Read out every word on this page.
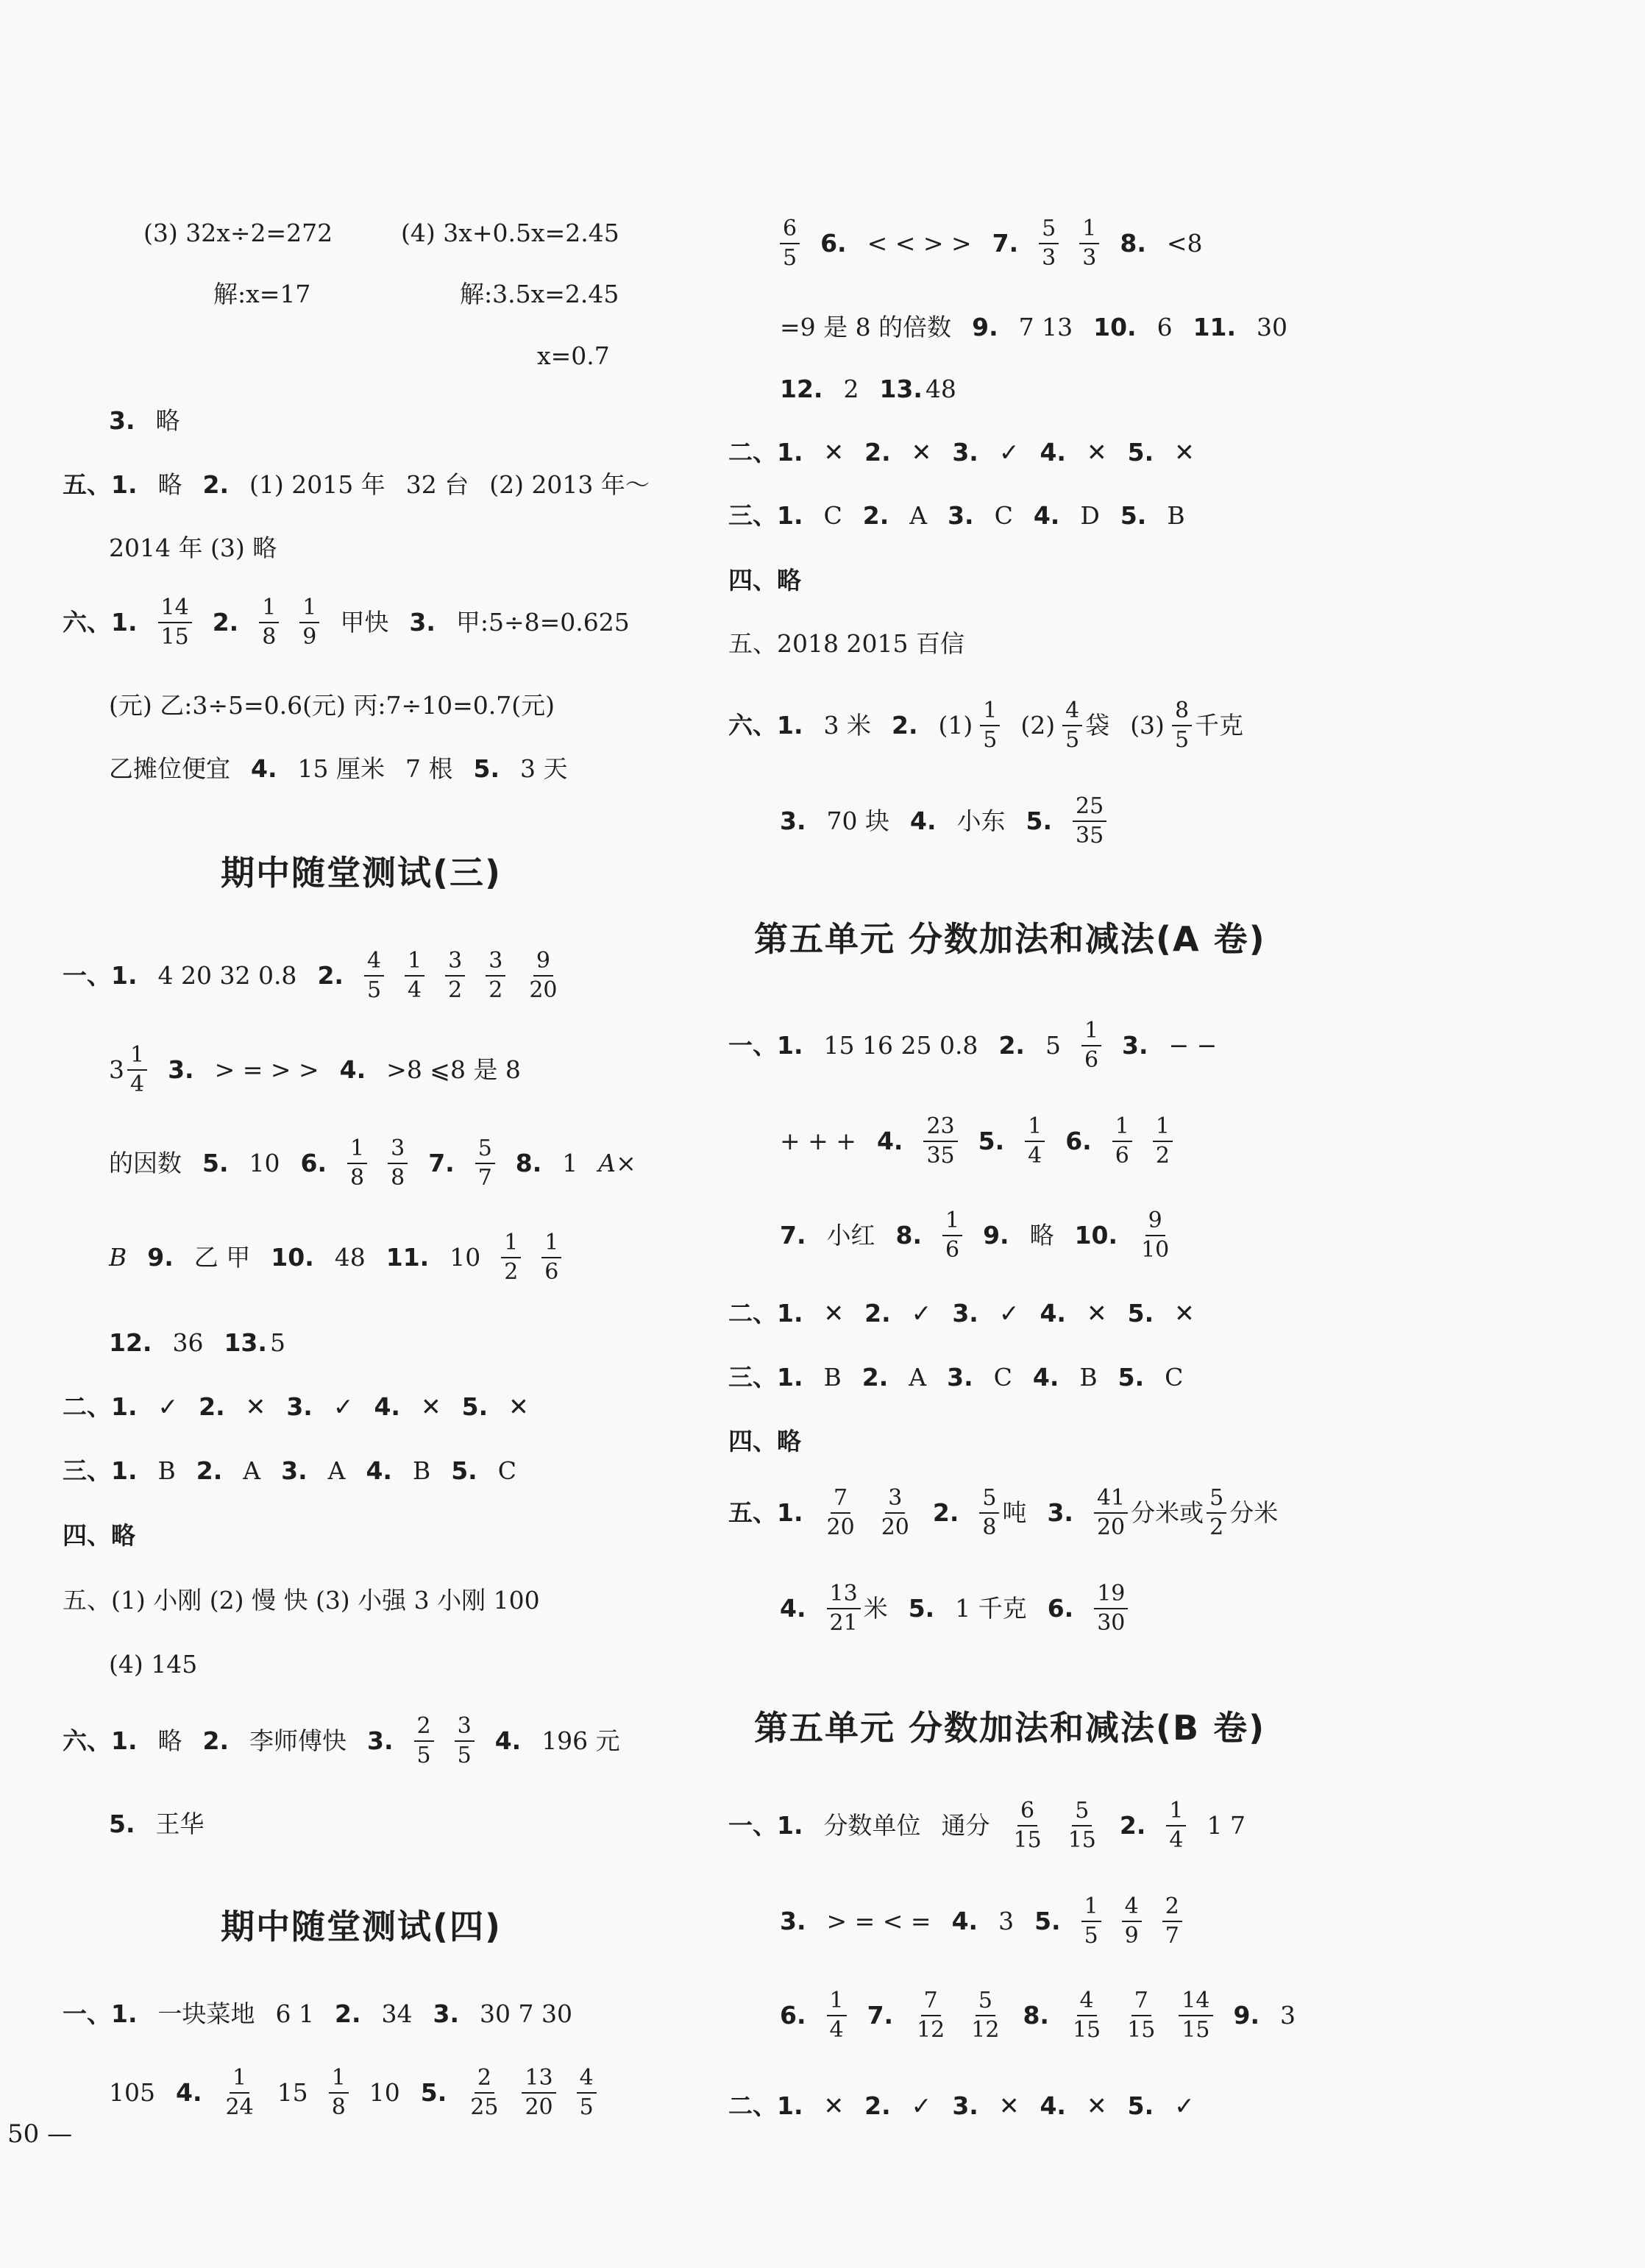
(3) 32x÷2=272	(4) 3x+0.5x=2.45
解:x=17	解:3.5x=2.45
x=0.7
3. 略
五、1. 略 2. (1) 2015 年 32 台 (2) 2013 年～
2014 年 (3) 略
六、1. $\frac{14}{15} 2$. $\frac{1}{8} \frac{1}{9}$ 甲快 3. 甲:5÷8=0.625
(元) 乙:3÷5=0.6(元) 丙:7÷10=0.7(元)
乙摊位便宜 4. 15 厘米 7 根 5. 3 天
期中随堂测试(三)
一、1. 4 20 32 0.8 2. $\frac{4}{5} \frac{1}{4} \frac{3}{2} \frac{3}{2} \frac{9}{20}$
$3 \frac{1}{4} 3$. > = > > 4. >8 ⩽8 是 8
的因数 5. 10 6. $\frac{1}{8} \frac{3}{8} 7$. $\frac{5}{7} 8$. 1 A×
B 9. 乙 甲 10. 48 11. $10 \frac{1}{2} \frac{1}{6}$
12. 36 13. 5
二、1. ✓ 2. ✕ 3. ✓ 4. ✕ 5. ✕
三、1. B 2. A 3. A 4. B 5. C
四、略
五、(1) 小刚 (2) 慢 快 (3) 小强 3 小刚 100
(4) 145
六、1. 略 2. 李师傅快 3. $\frac{2}{5} \frac{3}{5} 4$. 196 元
5. 王华
期中随堂测试(四)
一、1. 一块菜地 6 1 2. 34 3. 30 7 30
105 4. $\frac{1}{24} 15 \frac{1}{8} 10$ 5. $\frac{2}{25} \frac{13}{20} \frac{4}{5}$
$\frac{6}{5} 6$. < < > > 7. $\frac{5}{3} \frac{1}{3} 8$. <8
=9 是 8 的倍数 9. 7 13 10. 6 11. 30
12. 2 13. 48
二、1. ✕ 2. ✕ 3. ✓ 4. ✕ 5. ✕
三、1. C 2. A 3. C 4. D 5. B
四、略
五、2018 2015 百信
六、1. 3 米 2. $(1) \frac{1}{5} (2) \frac{4}{5}$ 袋 $(3) \frac{8}{5}$ 千克
3. 70 块 4. 小东 5. $\frac{25}{35}$
第五单元 分数加法和减法(A 卷)
一、1. 15 16 25 0.8 2. $5 \frac{1}{6} 3$. − −
+ + + 4. $\frac{23}{35} 5$. $\frac{1}{4} 6$. $\frac{1}{6} \frac{1}{2}$
7. 小红 8. $\frac{1}{6} 9$. 略 10. $\frac{9}{10}$
二、1. ✕ 2. ✓ 3. ✓ 4. ✕ 5. ✕
三、1. B 2. A 3. C 4. B 5. C
四、略
五、1. $\frac{7}{20} \frac{3}{20} 2$. $\frac{5}{8}$ 吨 3. $\frac{41}{20}$ 分米或 $\frac{5}{2}$ 分米
4. $\frac{13}{21}$ 米 5. 1 千克 6. $\frac{19}{30}$
第五单元 分数加法和减法(B 卷)
一、1. 分数单位 通分 $\frac{6}{15} \frac{5}{15} 2$. $\frac{1}{4} 1$ 7
3. > = < = 4. 3 5. $\frac{1}{5} \frac{4}{9} \frac{2}{7}$
6. $\frac{1}{4} 7$. $\frac{7}{12} \frac{5}{12} 8$. $\frac{4}{15} \frac{7}{15} \frac{14}{15} 9$. 3
二、1. ✕ 2. ✓ 3. ✕ 4. ✕ 5. ✓
50 —
